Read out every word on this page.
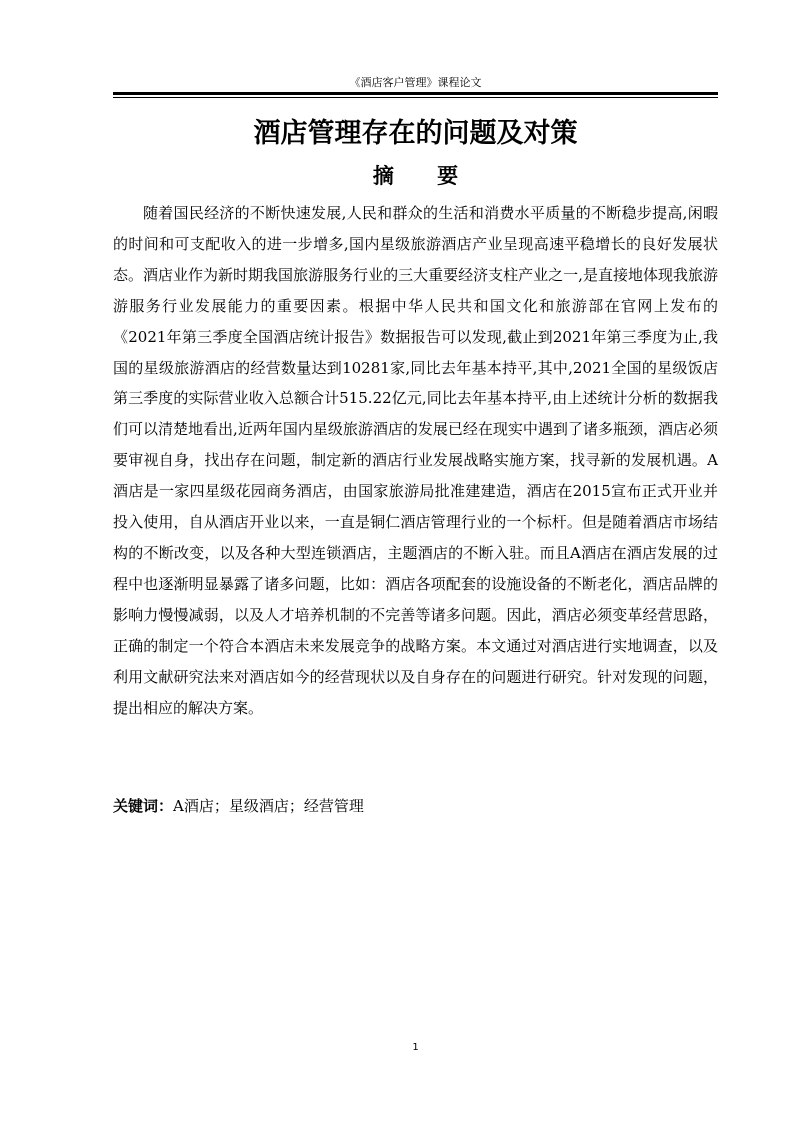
《酒店客户管理》课程论文
酒店管理存在的问题及对策
摘 要

随着国民经济的不断快速发展,人民和群众的生活和消费水平质量的不断稳步提高,闲暇的时间和可支配收入的进一步增多,国内星级旅游酒店产业呈现高速平稳增长的良好发展状态。酒店业作为新时期我国旅游服务行业的三大重要经济支柱产业之一,是直接地体现我旅游游服务行业发展能力的重要因素。根据中华人民共和国文化和旅游部在官网上发布的《2021年第三季度全国酒店统计报告》数据报告可以发现,截止到2021年第三季度为止,我国的星级旅游酒店的经营数量达到10281家,同比去年基本持平,其中,2021全国的星级饭店第三季度的实际营业收入总额合计515.22亿元,同比去年基本持平,由上述统计分析的数据我们可以清楚地看出,近两年国内星级旅游酒店的发展已经在现实中遇到了诸多瓶颈，酒店必须要审视自身，找出存在问题，制定新的酒店行业发展战略实施方案，找寻新的发展机遇。A酒店是一家四星级花园商务酒店，由国家旅游局批准建建造，酒店在2015宣布正式开业并投入使用，自从酒店开业以来，一直是铜仁酒店管理行业的一个标杆。但是随着酒店市场结构的不断改变，以及各种大型连锁酒店，主题酒店的不断入驻。而且A酒店在酒店发展的过程中也逐渐明显暴露了诸多问题，比如：酒店各项配套的设施设备的不断老化，酒店品牌的影响力慢慢减弱，以及人才培养机制的不完善等诸多问题。因此，酒店必须变革经营思路，正确的制定一个符合本酒店未来发展竞争的战略方案。本文通过对酒店进行实地调查，以及利用文献研究法来对酒店如今的经营现状以及自身存在的问题进行研究。针对发现的问题，提出相应的解决方案。

关键词：A酒店；星级酒店；经营管理

1
